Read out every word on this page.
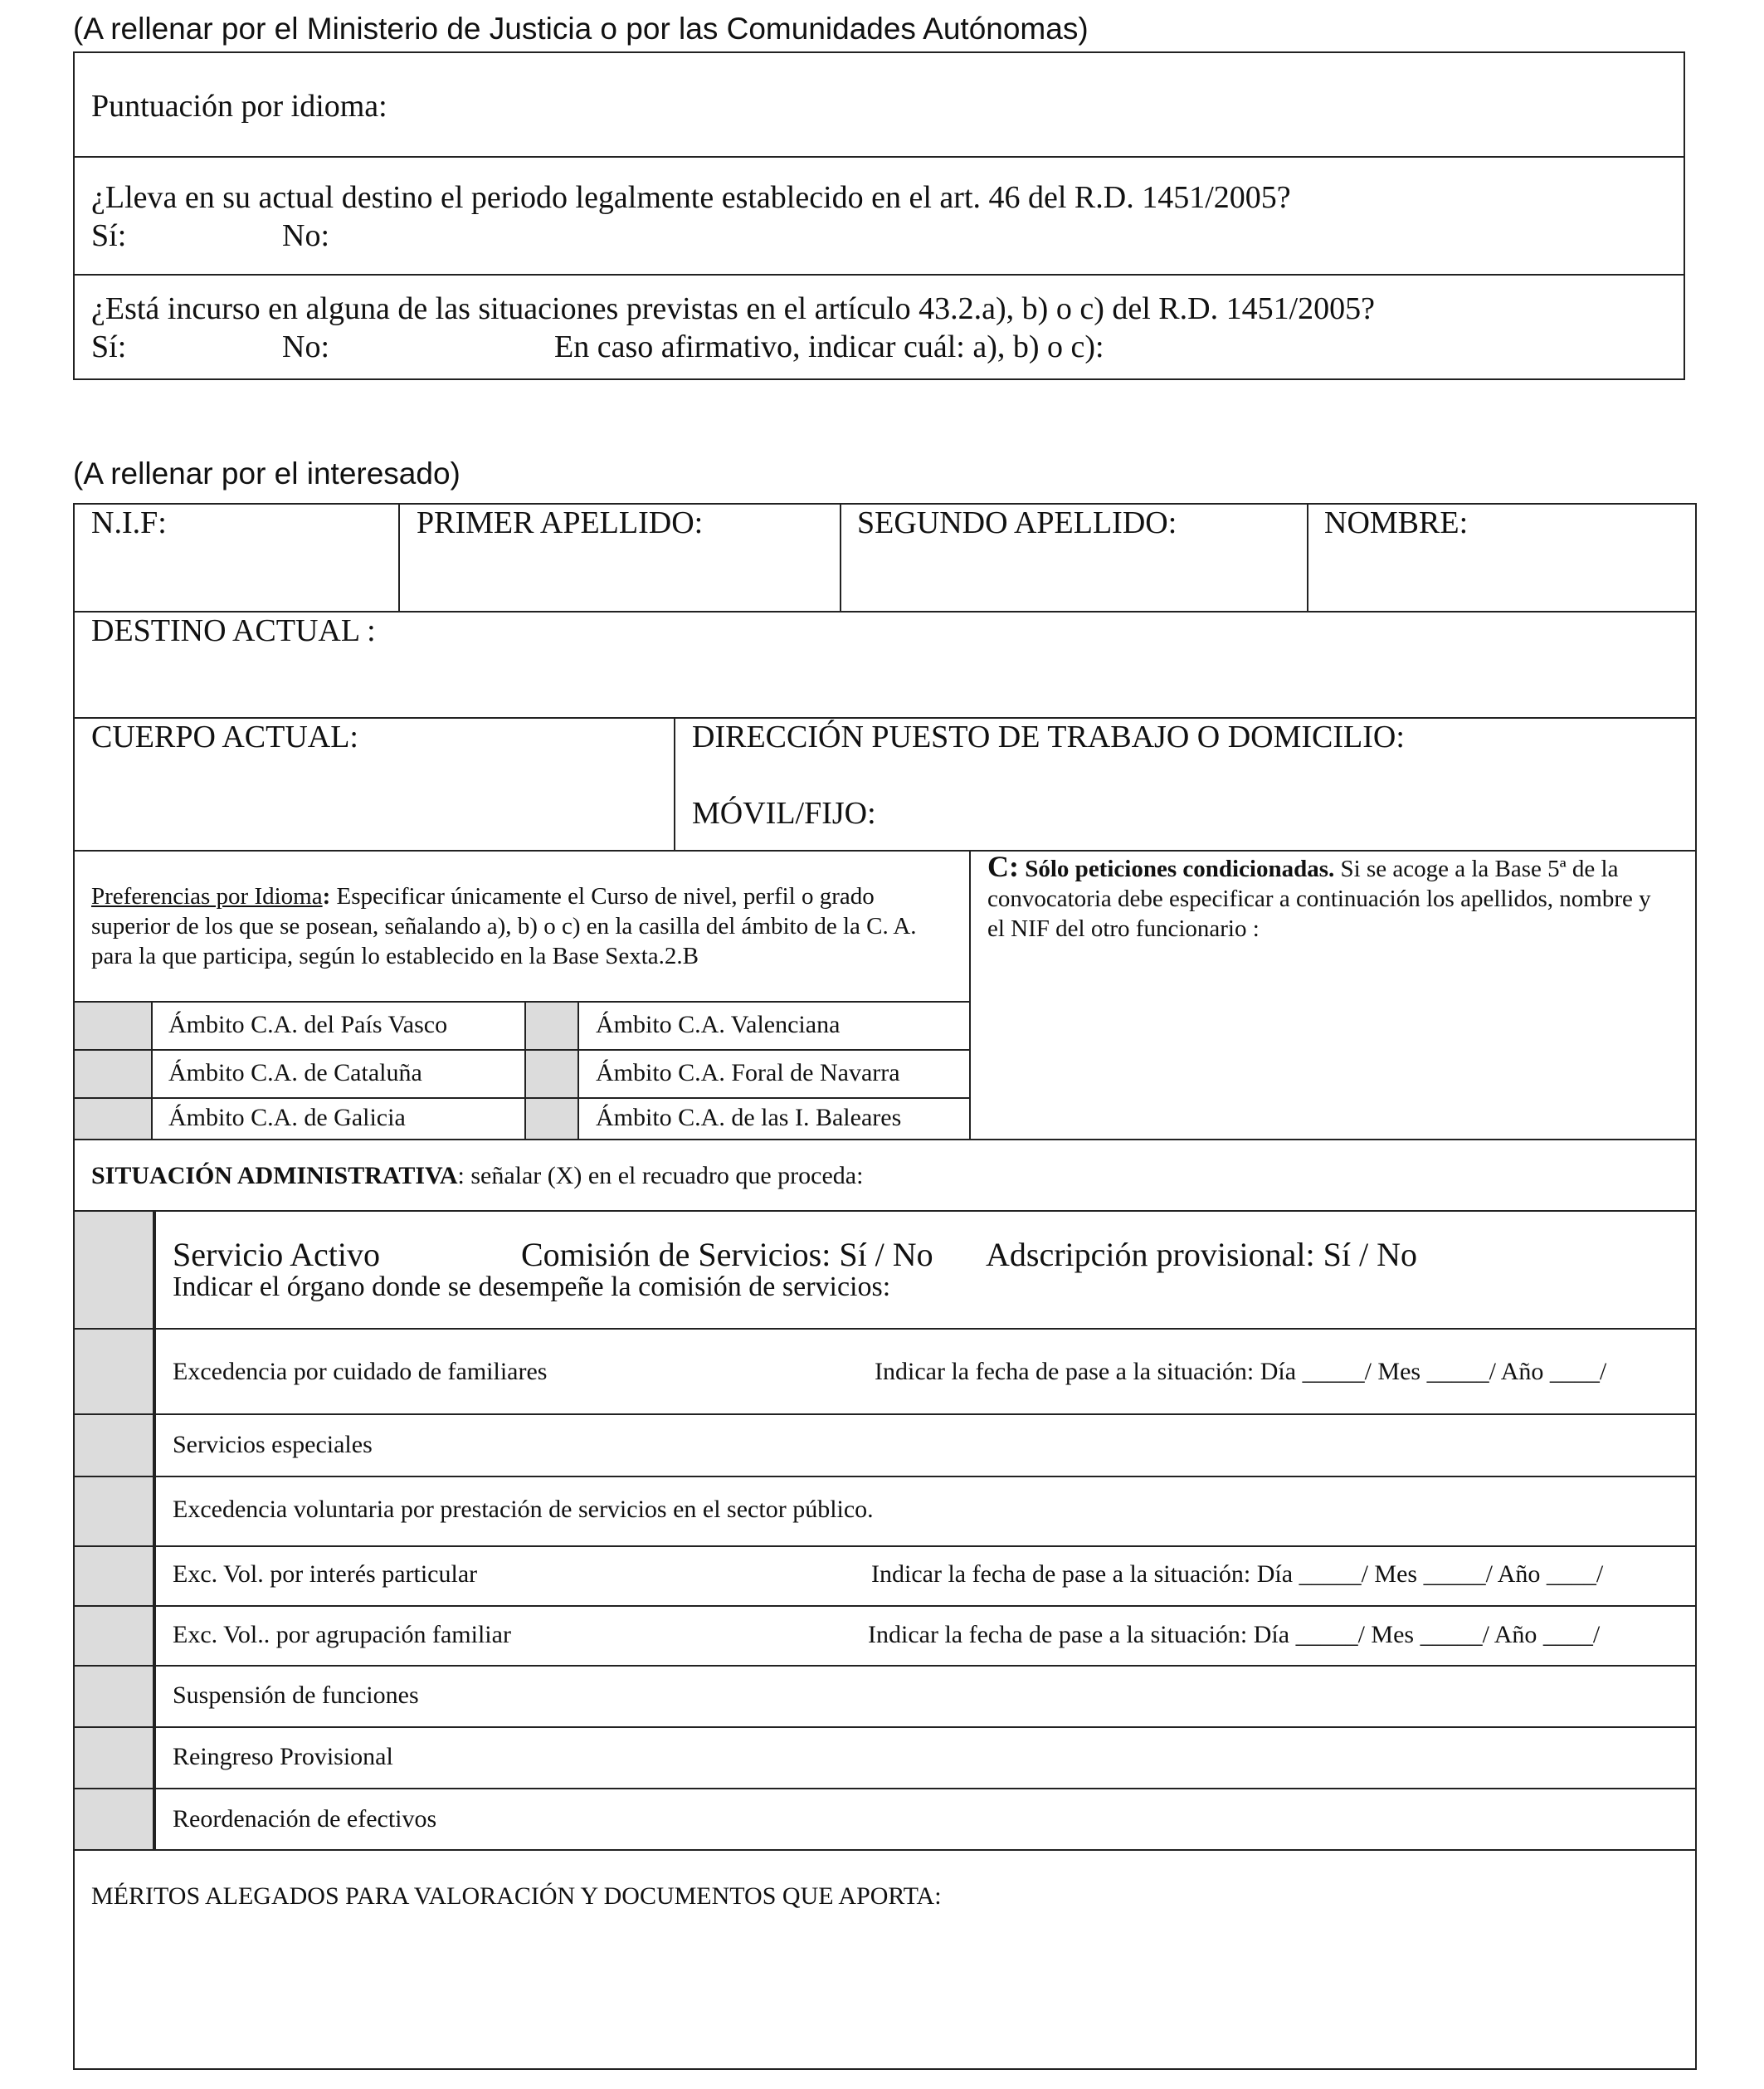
(A rellenar por el Ministerio de Justicia o por las Comunidades Autónomas)
Puntuación por idioma:
¿Lleva en su actual destino el periodo legalmente establecido en el art. 46 del R.D. 1451/2005?
Sí:	No:
¿Está incurso en alguna de las situaciones previstas en el artículo 43.2.a), b) o c) del R.D. 1451/2005?
Sí:	No:	En caso afirmativo, indicar cuál: a), b) o c):
(A rellenar por el interesado)
N.I.F:	PRIMER APELLIDO:	SEGUNDO APELLIDO:	NOMBRE:
DESTINO ACTUAL :
CUERPO ACTUAL:	DIRECCIÓN PUESTO DE TRABAJO O DOMICILIO:
MÓVIL/FIJO:
Preferencias por Idioma: Especificar únicamente el Curso de nivel, perfil o grado superior de los que se posean, señalando a), b) o c) en la casilla del ámbito de la C. A. para la que participa, según lo establecido en la Base Sexta.2.B
C: Sólo peticiones condicionadas. Si se acoge a la Base 5ª de la convocatoria debe especificar a continuación los apellidos, nombre y el NIF del otro funcionario :
Ámbito C.A. del País Vasco	Ámbito C.A. Valenciana
Ámbito C.A. de Cataluña	Ámbito C.A. Foral de Navarra
Ámbito C.A. de Galicia	Ámbito C.A. de las I. Baleares
SITUACIÓN ADMINISTRATIVA: señalar (X) en el recuadro que proceda:
Servicio Activo	Comisión de Servicios: Sí / No Adscripción provisional: Sí / No
Indicar el órgano donde se desempeñe la comisión de servicios:
Excedencia por cuidado de familiares	Indicar la fecha de pase a la situación: Día _____/ Mes _____/ Año ____/
Servicios especiales
Excedencia voluntaria por prestación de servicios en el sector público.
Exc. Vol. por interés particular	Indicar la fecha de pase a la situación: Día _____/ Mes _____/ Año ____/
Exc. Vol.. por agrupación familiar	Indicar la fecha de pase a la situación: Día _____/ Mes _____/ Año ____/
Suspensión de funciones
Reingreso Provisional
Reordenación de efectivos
MÉRITOS ALEGADOS PARA VALORACIÓN Y DOCUMENTOS QUE APORTA:
